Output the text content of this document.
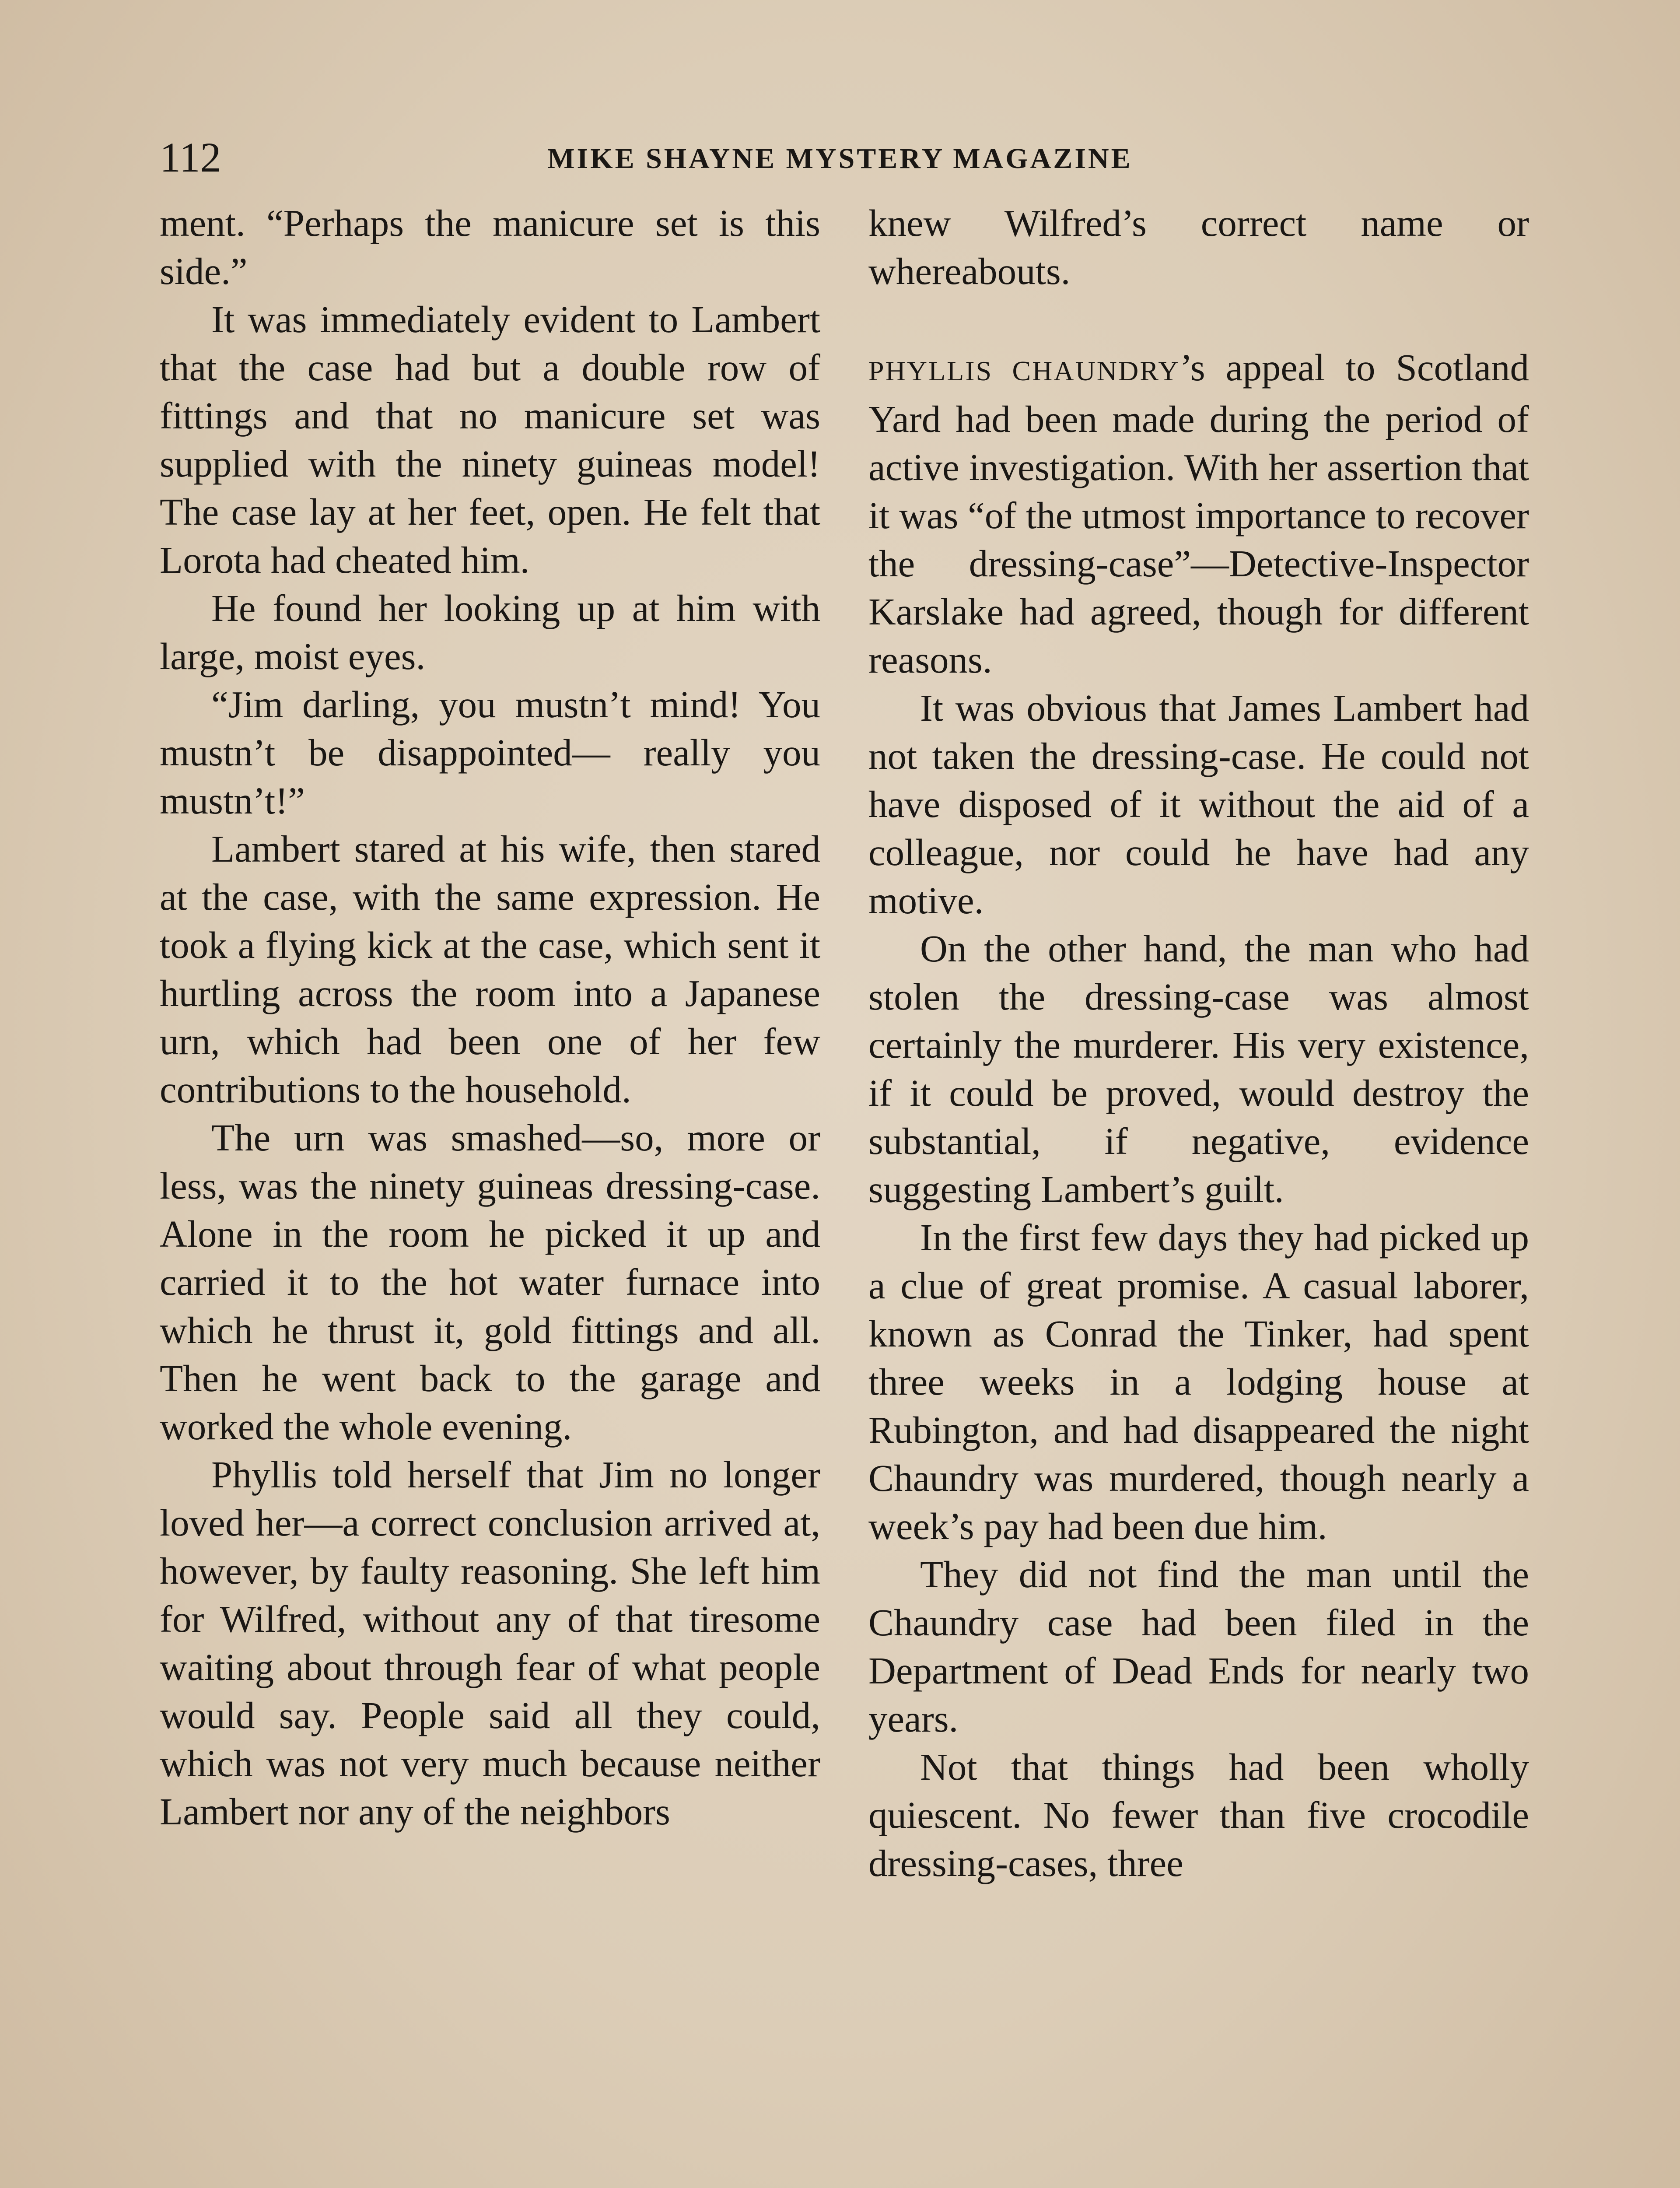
112	MIKE SHAYNE MYSTERY MAGAZINE

ment. “Perhaps the manicure set is this side.”

It was immediately evident to Lambert that the case had but a double row of fittings and that no manicure set was supplied with the ninety guineas model! The case lay at her feet, open. He felt that Lorota had cheated him.

He found her looking up at him with large, moist eyes.

“Jim darling, you mustn’t mind! You mustn’t be disappointed— really you mustn’t!”

Lambert stared at his wife, then stared at the case, with the same expression. He took a flying kick at the case, which sent it hurtling across the room into a Japanese urn, which had been one of her few contributions to the household.

The urn was smashed—so, more or less, was the ninety guineas dressing-case. Alone in the room he picked it up and carried it to the hot water furnace into which he thrust it, gold fittings and all. Then he went back to the garage and worked the whole evening.

Phyllis told herself that Jim no longer loved her—a correct conclusion arrived at, however, by faulty reasoning. She left him for Wilfred, without any of that tiresome waiting about through fear of what people would say. People said all they could, which was not very much because neither Lambert nor any of the neighbors

knew Wilfred’s correct name or whereabouts.

PHYLLIS CHAUNDRY’s appeal to Scotland Yard had been made during the period of active investigation. With her assertion that it was “of the utmost importance to recover the dressing-case”—Detective-Inspector Karslake had agreed, though for different reasons.

It was obvious that James Lambert had not taken the dressing-case. He could not have disposed of it without the aid of a colleague, nor could he have had any motive.

On the other hand, the man who had stolen the dressing-case was almost certainly the murderer. His very existence, if it could be proved, would destroy the substantial, if negative, evidence suggesting Lambert’s guilt.

In the first few days they had picked up a clue of great promise. A casual laborer, known as Conrad the Tinker, had spent three weeks in a lodging house at Rubington, and had disappeared the night Chaundry was murdered, though nearly a week’s pay had been due him.

They did not find the man until the Chaundry case had been filed in the Department of Dead Ends for nearly two years.

Not that things had been wholly quiescent. No fewer than five crocodile dressing-cases, three
